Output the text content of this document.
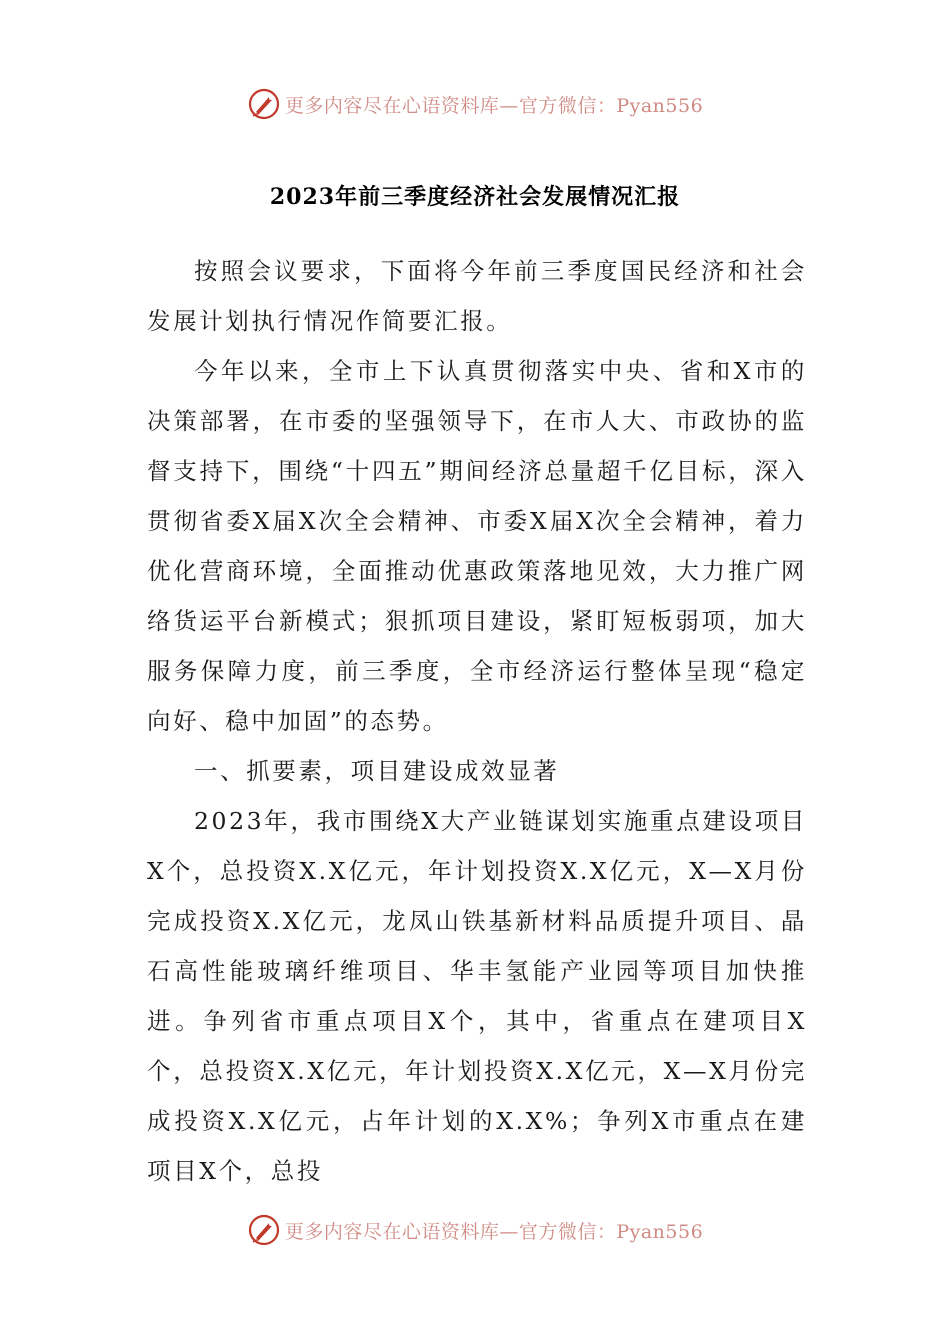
更多内容尽在心语资料库—官方微信：Pyan556
2023年前三季度经济社会发展情况汇报

按照会议要求，下面将今年前三季度国民经济和社会发展计划执行情况作简要汇报。

今年以来，全市上下认真贯彻落实中央、省和X市的决策部署，在市委的坚强领导下，在市人大、市政协的监督支持下，围绕“十四五”期间经济总量超千亿目标，深入贯彻省委X届X次全会精神、市委X届X次全会精神，着力优化营商环境，全面推动优惠政策落地见效，大力推广网络货运平台新模式；狠抓项目建设，紧盯短板弱项，加大服务保障力度，前三季度，全市经济运行整体呈现“稳定向好、稳中加固”的态势。

一、抓要素，项目建设成效显著

2023年，我市围绕X大产业链谋划实施重点建设项目X个，总投资X.X亿元，年计划投资X.X亿元，X—X月份完成投资X.X亿元，龙凤山铁基新材料品质提升项目、晶石高性能玻璃纤维项目、华丰氢能产业园等项目加快推进。争列省市重点项目X个，其中，省重点在建项目X个，总投资X.X亿元，年计划投资X.X亿元，X—X月份完成投资X.X亿元，占年计划的X.X%；争列X市重点在建项目X个，总投

更多内容尽在心语资料库—官方微信：Pyan556
